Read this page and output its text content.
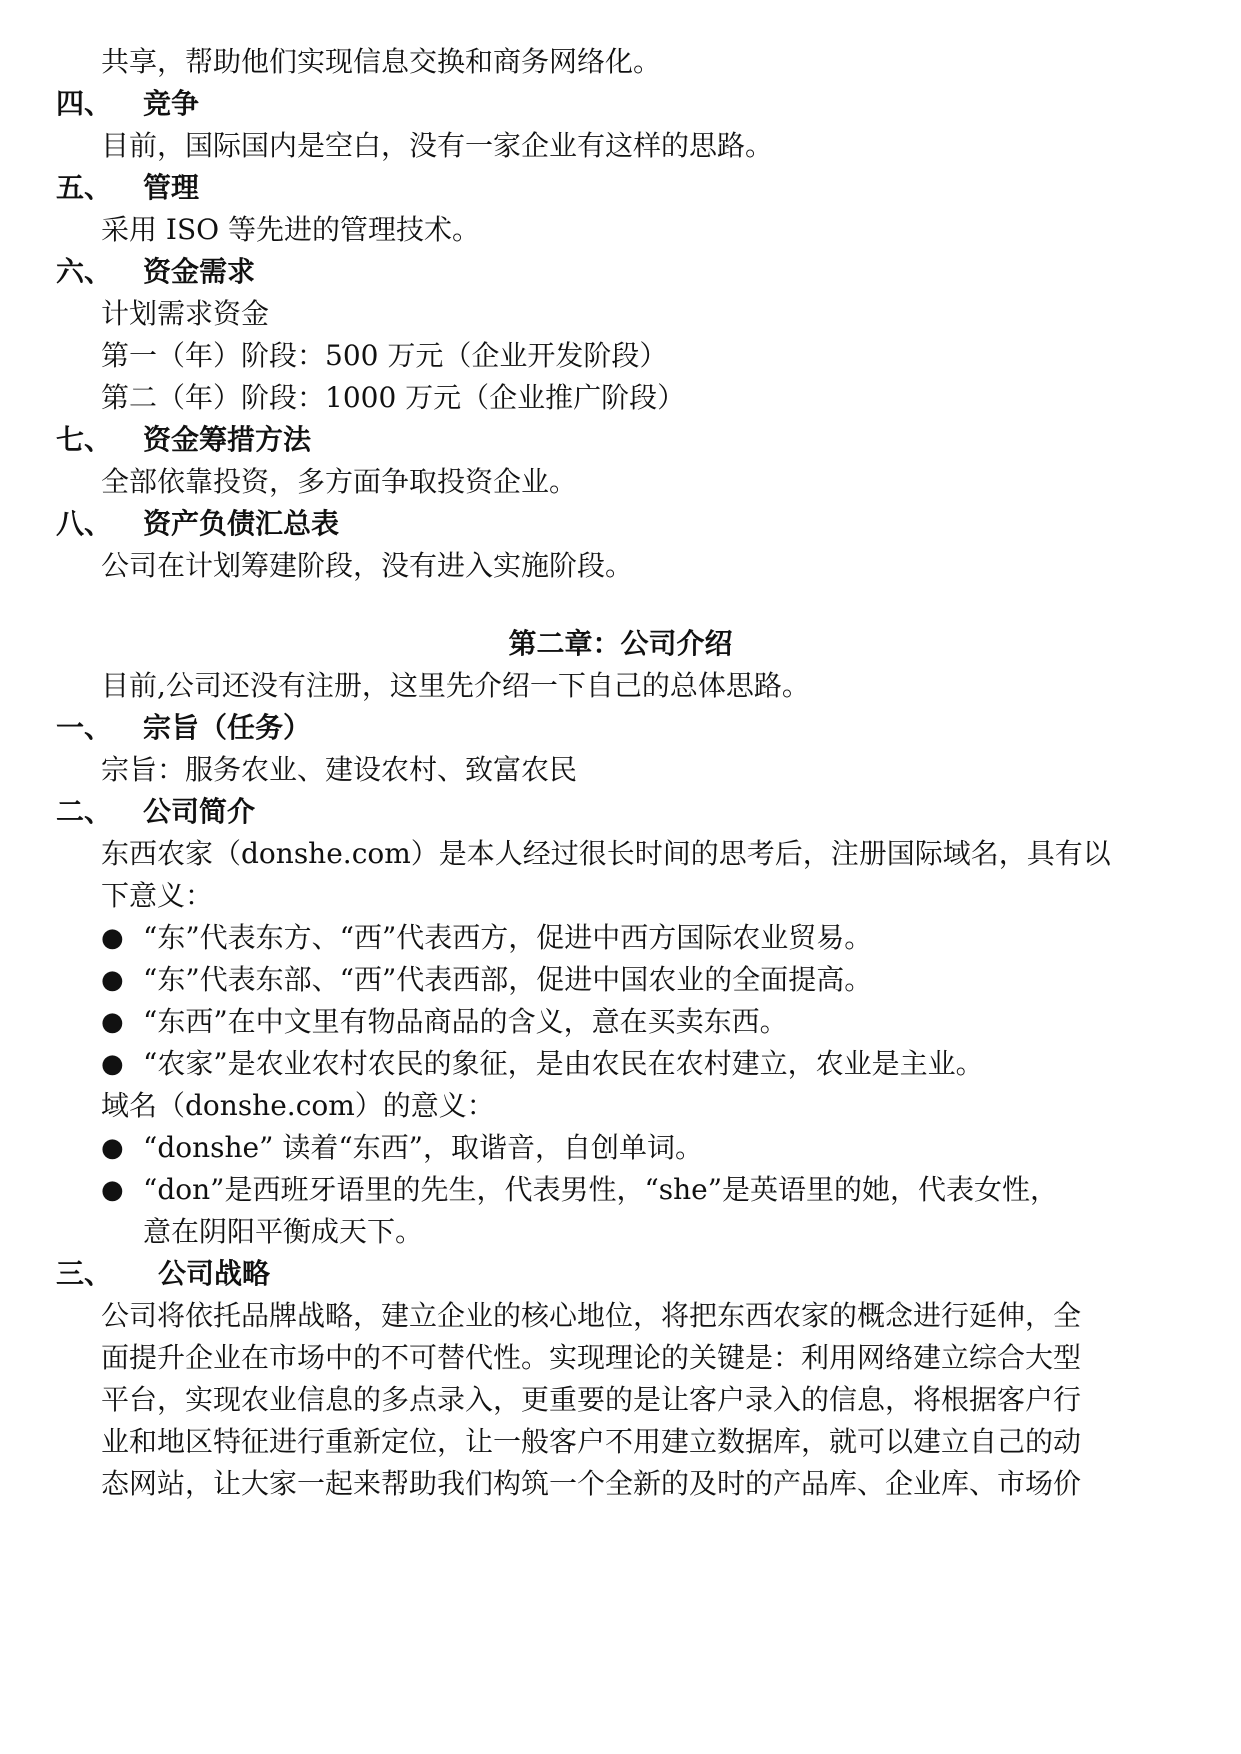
共享，帮助他们实现信息交换和商务网络化。
四、 竞争
目前，国际国内是空白，没有一家企业有这样的思路。
五、 管理
采用 ISO 等先进的管理技术。
六、 资金需求
计划需求资金
第一（年）阶段：500 万元（企业开发阶段）
第二（年）阶段：1000 万元（企业推广阶段）
七、 资金筹措方法
全部依靠投资，多方面争取投资企业。
八、 资产负债汇总表
公司在计划筹建阶段，没有进入实施阶段。
第二章：公司介绍
目前,公司还没有注册，这里先介绍一下自己的总体思路。
一、 宗旨（任务）
宗旨：服务农业、建设农村、致富农民
二、 公司简介
东西农家（donshe.com）是本人经过很长时间的思考后，注册国际域名，具有以
下意义：
● “东”代表东方、“西”代表西方，促进中西方国际农业贸易。
● “东”代表东部、“西”代表西部，促进中国农业的全面提高。
● “东西”在中文里有物品商品的含义，意在买卖东西。
● “农家”是农业农村农民的象征，是由农民在农村建立，农业是主业。
域名（donshe.com）的意义：
● “donshe” 读着“东西”，取谐音，自创单词。
● “don”是西班牙语里的先生，代表男性，“she”是英语里的她，代表女性，
意在阴阳平衡成天下。
三、 公司战略
公司将依托品牌战略，建立企业的核心地位，将把东西农家的概念进行延伸，全
面提升企业在市场中的不可替代性。实现理论的关键是：利用网络建立综合大型
平台，实现农业信息的多点录入，更重要的是让客户录入的信息，将根据客户行
业和地区特征进行重新定位，让一般客户不用建立数据库，就可以建立自己的动
态网站，让大家一起来帮助我们构筑一个全新的及时的产品库、企业库、市场价
